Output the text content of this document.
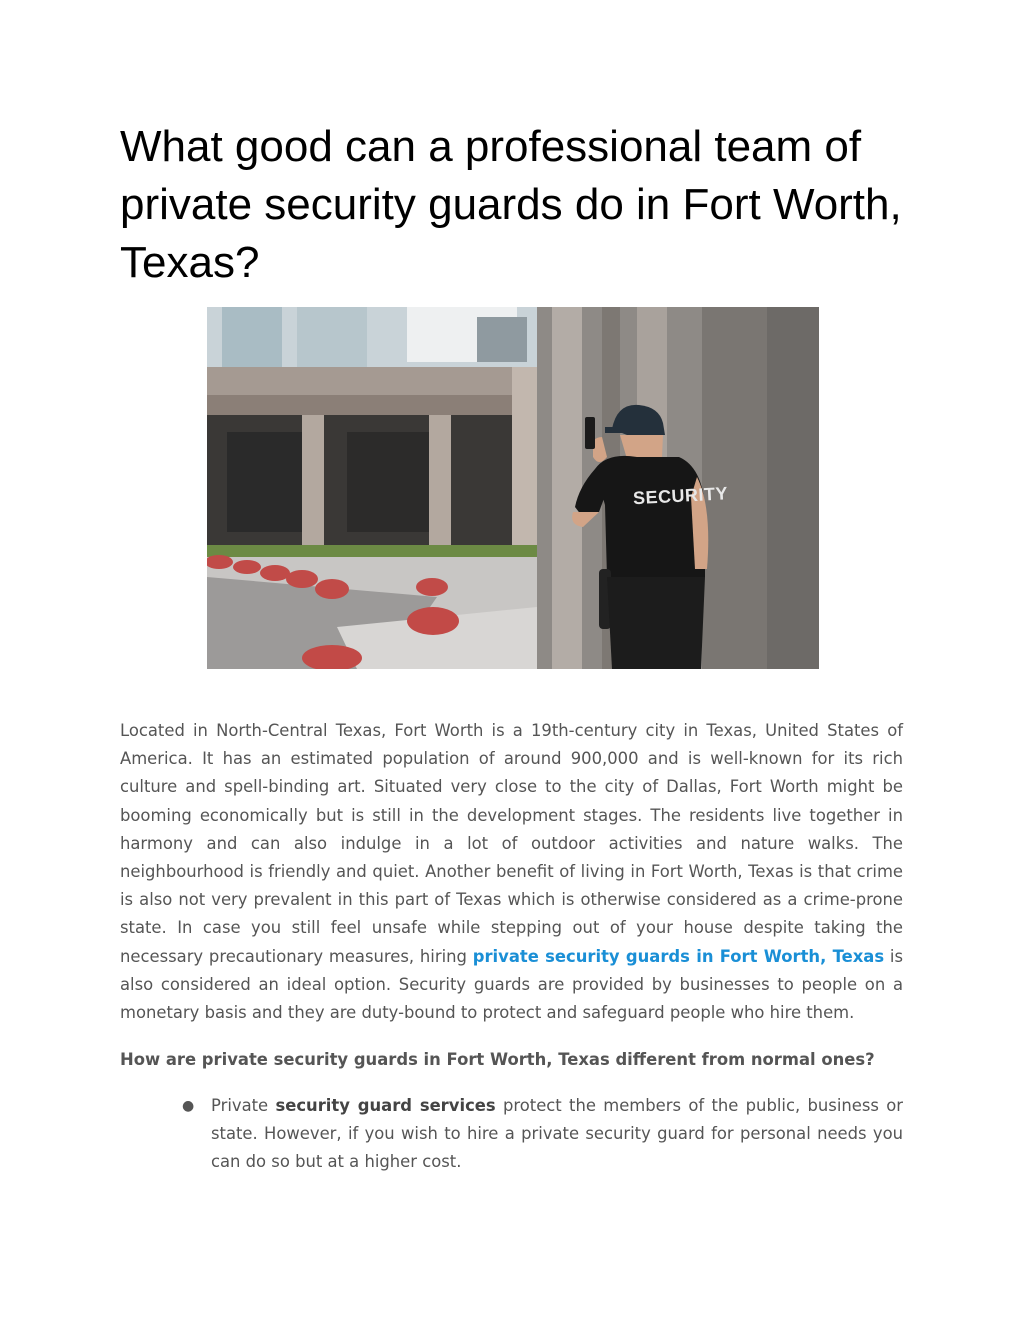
What good can a professional team of private security guards do in Fort Worth, Texas?
SECURITY

Located in North-Central Texas, Fort Worth is a 19th-century city in Texas, United States of America. It has an estimated population of around 900,000 and is well-known for its rich culture and spell-binding art. Situated very close to the city of Dallas, Fort Worth might be booming economically but is still in the development stages. The residents live together in harmony and can also indulge in a lot of outdoor activities and nature walks. The neighbourhood is friendly and quiet. Another benefit of living in Fort Worth, Texas is that crime is also not very prevalent in this part of Texas which is otherwise considered as a crime-prone state. In case you still feel unsafe while stepping out of your house despite taking the necessary precautionary measures, hiring private security guards in Fort Worth, Texas is also considered an ideal option. Security guards are provided by businesses to people on a monetary basis and they are duty-bound to protect and safeguard people who hire them.

How are private security guards in Fort Worth, Texas different from normal ones?

● Private security guard services protect the members of the public, business or state. However, if you wish to hire a private security guard for personal needs you can do so but at a higher cost.
